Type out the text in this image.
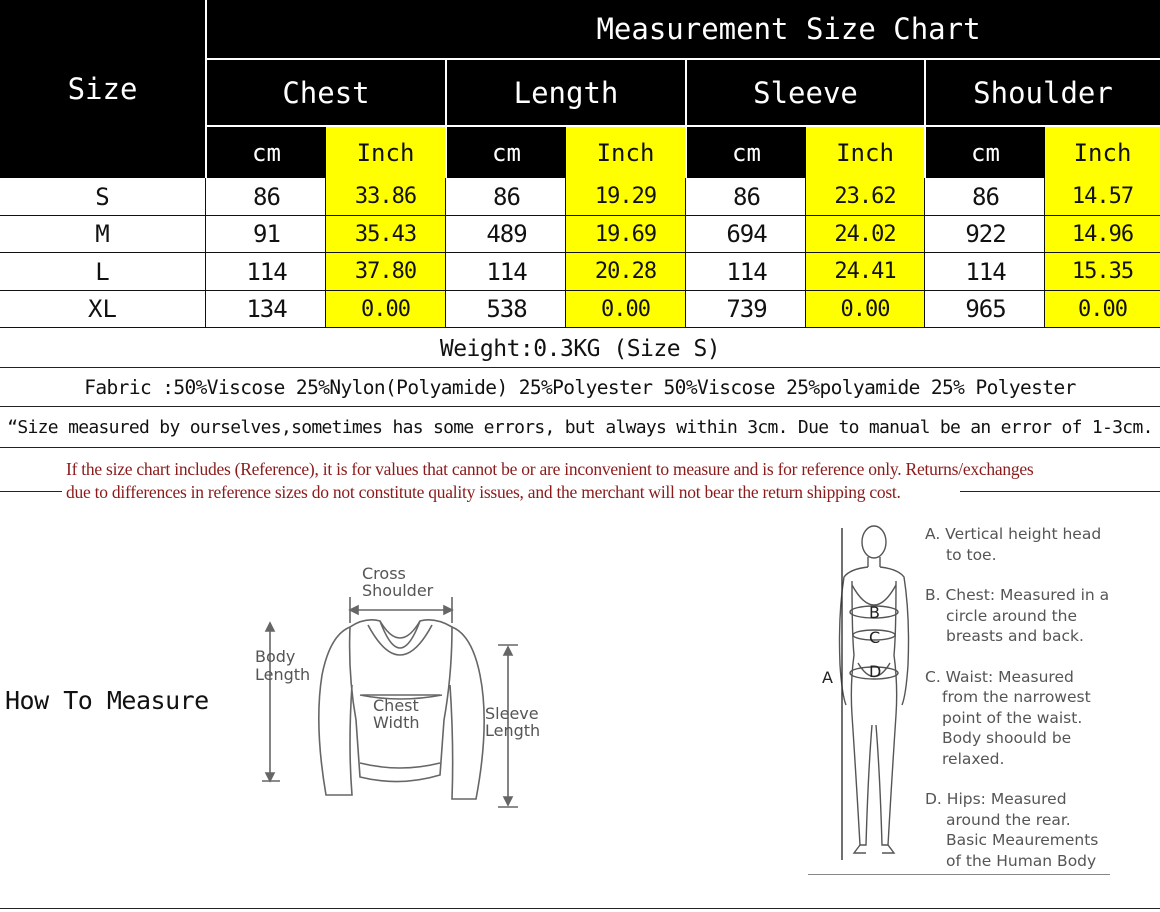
Size
Measurement Size Chart
Chest	Length	Sleeve	Shoulder
cm	Inch	cm	Inch	cm	Inch	cm	Inch
S	86	33.86	86	19.29	86	23.62	86	14.57
M	91	35.43	489	19.69	694	24.02	922	14.96
L	114	37.80	114	20.28	114	24.41	114	15.35
XL	134	0.00	538	0.00	739	0.00	965	0.00
Weight:0.3KG (Size S)
Fabric :50%Viscose 25%Nylon(Polyamide) 25%Polyester 50%Viscose 25%polyamide 25% Polyester
“Size measured by ourselves,sometimes has some errors, but always within 3cm. Due to manual be an error of 1-3cm.
If the size chart includes (Reference), it is for values that cannot be or are inconvenient to measure and is for reference only. Returns/exchanges
due to differences in reference sizes do not constitute quality issues, and the merchant will not bear the return shipping cost.
How To Measure
Cross
Shoulder
Body
Length
Chest
Width	Sleeve
Length
A
B
C
D
A. Vertical height head
to toe.
B. Chest: Measured in a
circle around the
breasts and back.
C. Waist: Measured
from the narrowest
point of the waist.
Body shoould be
relaxed.
D. Hips: Measured
around the rear.
Basic Meaurements
of the Human Body
